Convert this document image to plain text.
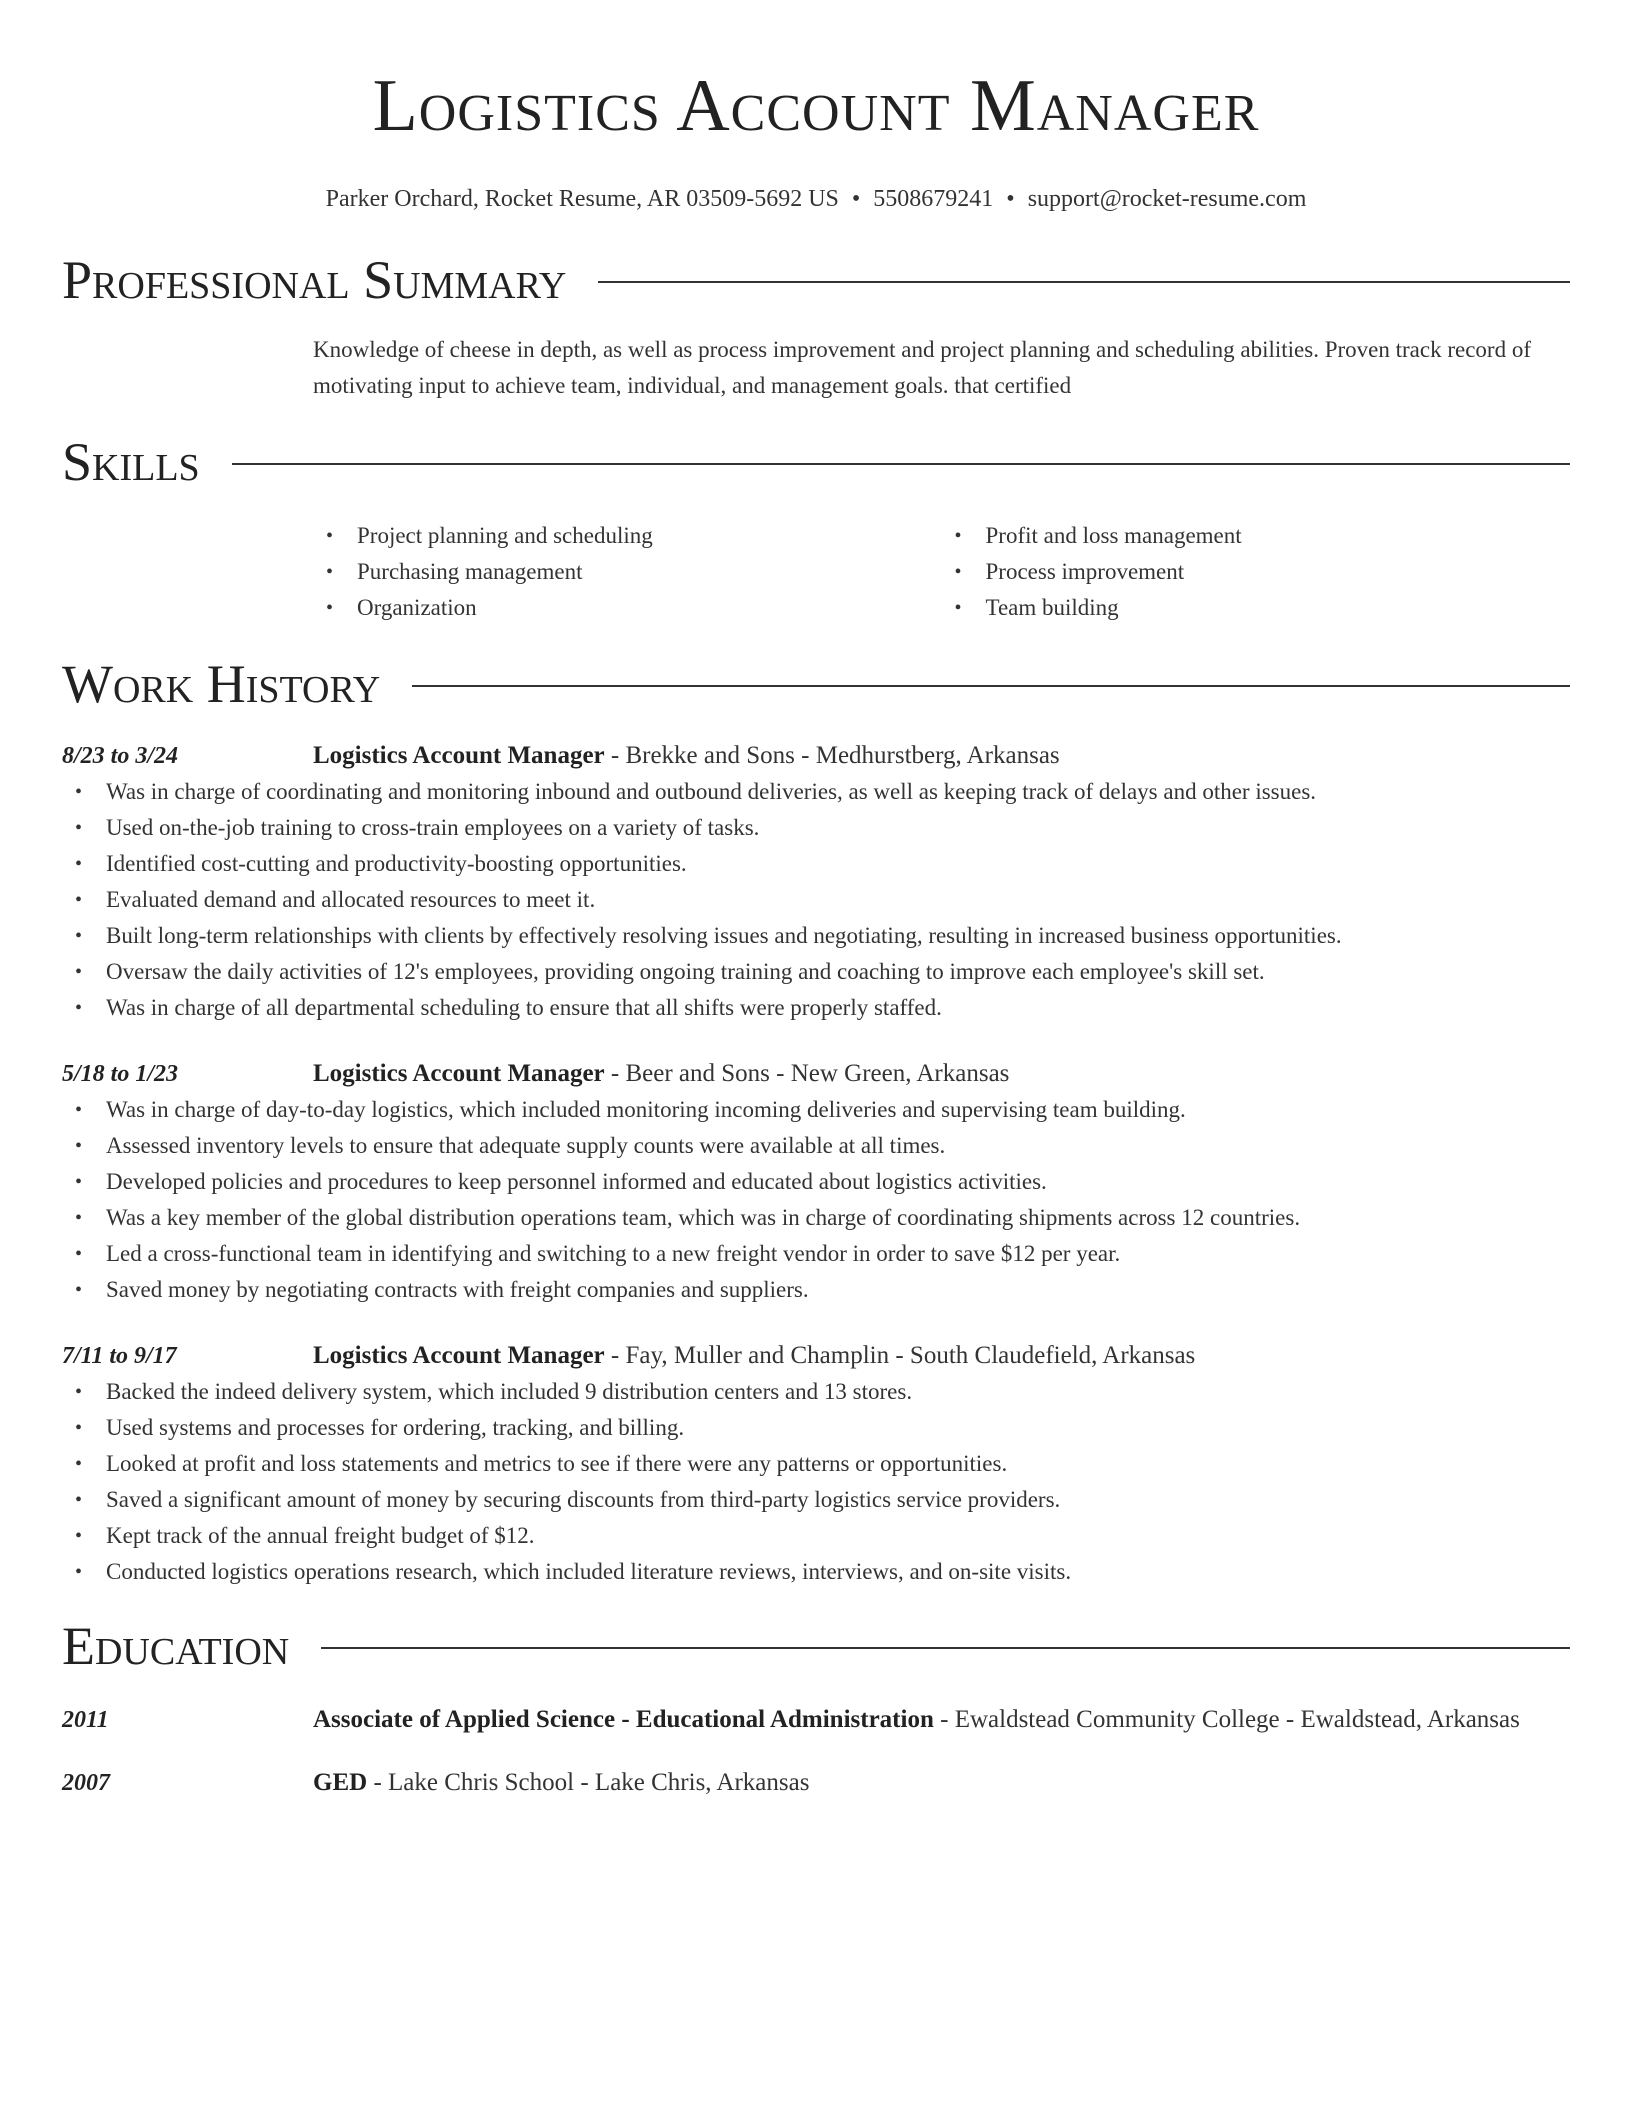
Logistics Account Manager
Parker Orchard, Rocket Resume, AR 03509-5692 US • 5508679241 • support@rocket-resume.com
Professional Summary
Knowledge of cheese in depth, as well as process improvement and project planning and scheduling abilities. Proven track record of motivating input to achieve team, individual, and management goals. that certified
Skills
• Project planning and scheduling
• Purchasing management
• Organization
• Profit and loss management
• Process improvement
• Team building
Work History
8/23 to 3/24	Logistics Account Manager - Brekke and Sons - Medhurstberg, Arkansas
• Was in charge of coordinating and monitoring inbound and outbound deliveries, as well as keeping track of delays and other issues.
• Used on-the-job training to cross-train employees on a variety of tasks.
• Identified cost-cutting and productivity-boosting opportunities.
• Evaluated demand and allocated resources to meet it.
• Built long-term relationships with clients by effectively resolving issues and negotiating, resulting in increased business opportunities.
• Oversaw the daily activities of 12's employees, providing ongoing training and coaching to improve each employee's skill set.
• Was in charge of all departmental scheduling to ensure that all shifts were properly staffed.
5/18 to 1/23	Logistics Account Manager - Beer and Sons - New Green, Arkansas
• Was in charge of day-to-day logistics, which included monitoring incoming deliveries and supervising team building.
• Assessed inventory levels to ensure that adequate supply counts were available at all times.
• Developed policies and procedures to keep personnel informed and educated about logistics activities.
• Was a key member of the global distribution operations team, which was in charge of coordinating shipments across 12 countries.
• Led a cross-functional team in identifying and switching to a new freight vendor in order to save $12 per year.
• Saved money by negotiating contracts with freight companies and suppliers.
7/11 to 9/17	Logistics Account Manager - Fay, Muller and Champlin - South Claudefield, Arkansas
• Backed the indeed delivery system, which included 9 distribution centers and 13 stores.
• Used systems and processes for ordering, tracking, and billing.
• Looked at profit and loss statements and metrics to see if there were any patterns or opportunities.
• Saved a significant amount of money by securing discounts from third-party logistics service providers.
• Kept track of the annual freight budget of $12.
• Conducted logistics operations research, which included literature reviews, interviews, and on-site visits.
Education
2011	Associate of Applied Science - Educational Administration - Ewaldstead Community College - Ewaldstead, Arkansas
2007	GED - Lake Chris School - Lake Chris, Arkansas
